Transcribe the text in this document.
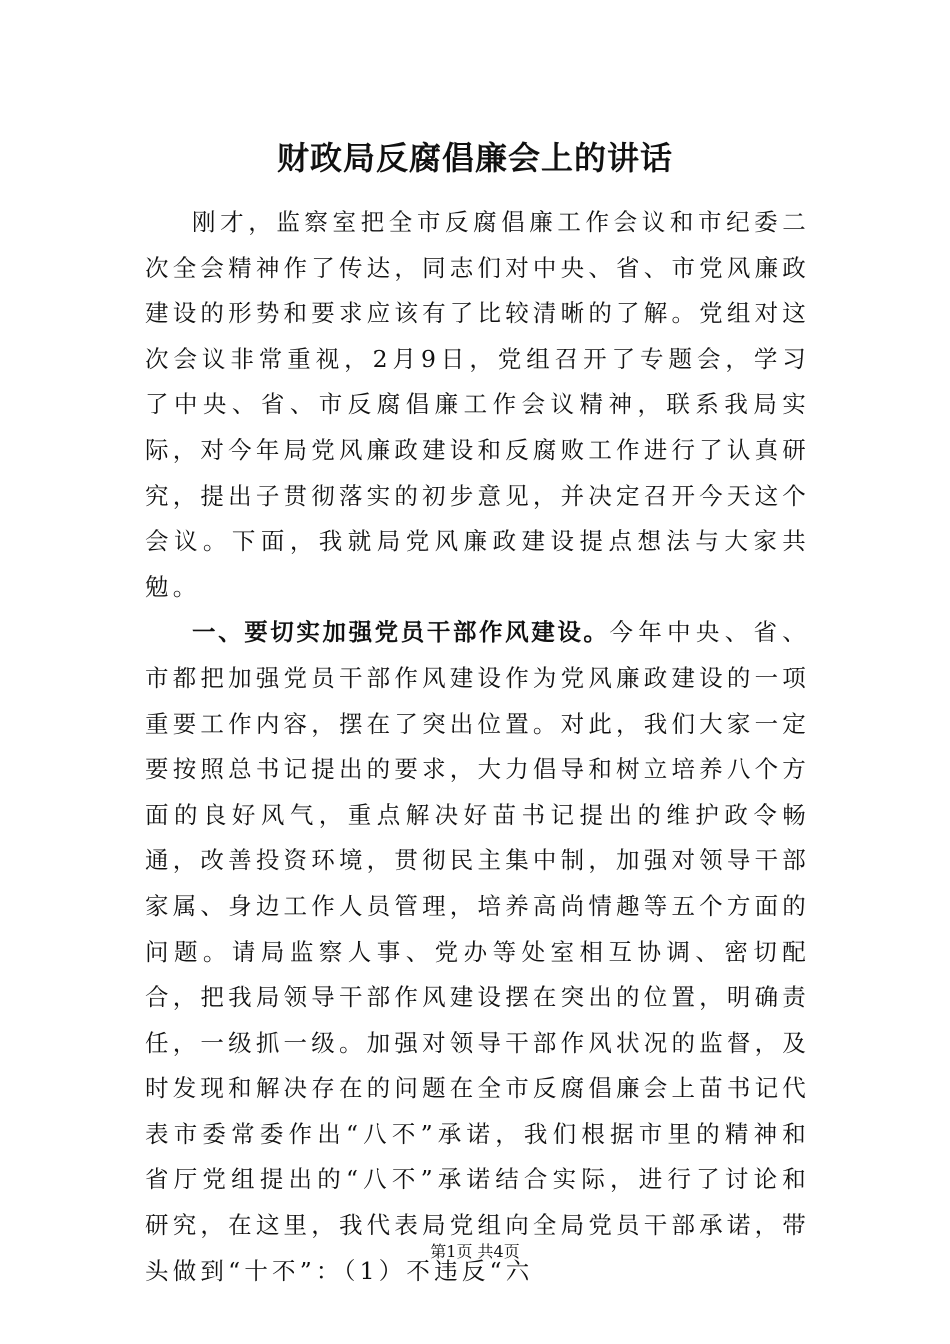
财政局反腐倡廉会上的讲话

刚才，监察室把全市反腐倡廉工作会议和市纪委二次全会精神作了传达，同志们对中央、省、市党风廉政建设的形势和要求应该有了比较清晰的了解。党组对这次会议非常重视，2月9日，党组召开了专题会，学习了中央、省、市反腐倡廉工作会议精神，联系我局实际，对今年局党风廉政建设和反腐败工作进行了认真研究，提出子贯彻落实的初步意见，并决定召开今天这个会议。下面，我就局党风廉政建设提点想法与大家共勉。

一、要切实加强党员干部作风建设。今年中央、省、市都把加强党员干部作风建设作为党风廉政建设的一项重要工作内容，摆在了突出位置。对此，我们大家一定要按照总书记提出的要求，大力倡导和树立培养八个方面的良好风气，重点解决好苗书记提出的维护政令畅通，改善投资环境，贯彻民主集中制，加强对领导干部家属、身边工作人员管理，培养高尚情趣等五个方面的问题。请局监察人事、党办等处室相互协调、密切配合，把我局领导干部作风建设摆在突出的位置，明确责任，一级抓一级。加强对领导干部作风状况的监督，及时发现和解决存在的问题在全市反腐倡廉会上苗书记代表市委常委作出“八不”承诺，我们根据市里的精神和省厅党组提出的“八不”承诺结合实际，进行了讨论和研究，在这里，我代表局党组向全局党员干部承诺，带头做到“十不”：（1）不违反“六

第1页 共4页
